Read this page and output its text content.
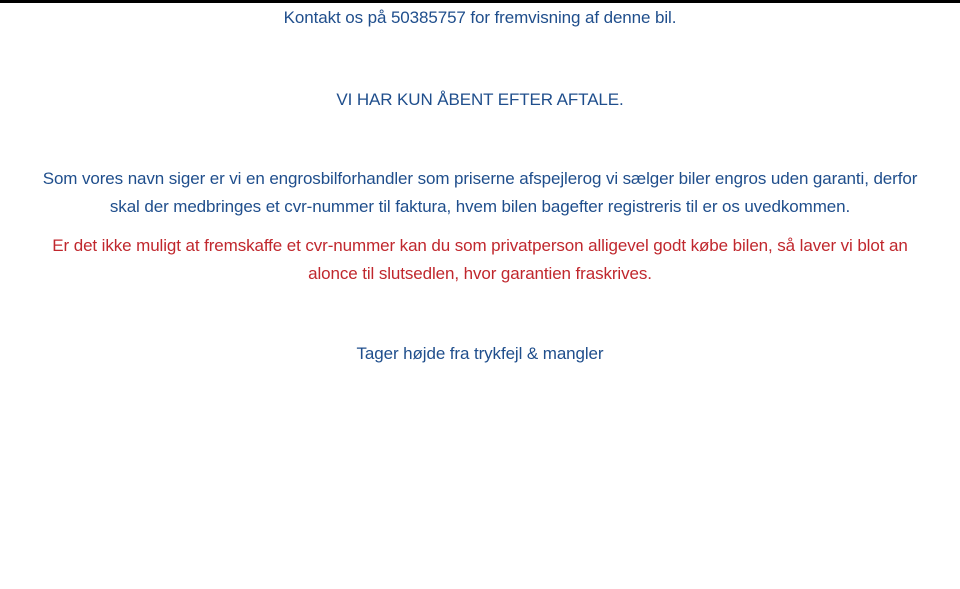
Kontakt os på 50385757 for fremvisning af denne bil.
VI HAR KUN ÅBENT EFTER AFTALE.
Som vores navn siger er vi en engrosbilforhandler som priserne afspejlerog vi sælger biler engros uden garanti, derfor
skal der medbringes et cvr-nummer til faktura, hvem bilen bagefter registreris til er os uvedkommen.
Er det ikke muligt at fremskaffe et cvr-nummer kan du som privatperson alligevel godt købe bilen, så laver vi blot an
alonce til slutsedlen, hvor garantien fraskrives.
Tager højde fra trykfejl & mangler
